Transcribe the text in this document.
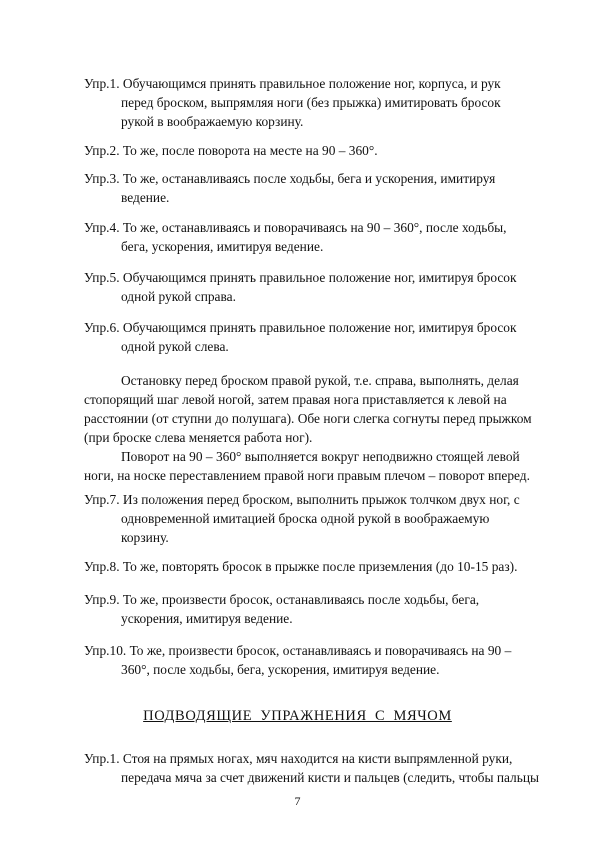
Упр.1. Обучающимся принять правильное положение ног, корпуса, и рук
перед броском, выпрямляя ноги (без прыжка) имитировать бросок
рукой в воображаемую корзину.

Упр.2. То же, после поворота на месте на 90 – 360°.

Упр.3. То же, останавливаясь после ходьбы, бега и ускорения, имитируя
ведение.

Упр.4. То же, останавливаясь и поворачиваясь на 90 – 360°, после ходьбы,
бега, ускорения, имитируя ведение.

Упр.5. Обучающимся принять правильное положение ног, имитируя бросок
одной рукой справа.

Упр.6. Обучающимся принять правильное положение ног, имитируя бросок
одной рукой слева.

Остановку перед броском правой рукой, т.е. справа, выполнять, делая
стопорящий шаг левой ногой, затем правая нога приставляется к левой на
расстоянии (от ступни до полушага). Обе ноги слегка согнуты перед прыжком
(при броске слева меняется работа ног).
Поворот на 90 – 360° выполняется вокруг неподвижно стоящей левой
ноги, на носке переставлением правой ноги правым плечом – поворот вперед.

Упр.7. Из положения перед броском, выполнить прыжок толчком двух ног, с
одновременной имитацией броска одной рукой в воображаемую
корзину.

Упр.8. То же, повторять бросок в прыжке после приземления (до 10-15 раз).

Упр.9. То же, произвести бросок, останавливаясь после ходьбы, бега,
ускорения, имитируя ведение.

Упр.10. То же, произвести бросок, останавливаясь и поворачиваясь на 90 –
360°, после ходьбы, бега, ускорения, имитируя ведение.

ПОДВОДЯЩИЕ УПРАЖНЕНИЯ С МЯЧОМ

Упр.1. Стоя на прямых ногах, мяч находится на кисти выпрямленной руки,
передача мяча за счет движений кисти и пальцев (следить, чтобы пальцы

7
